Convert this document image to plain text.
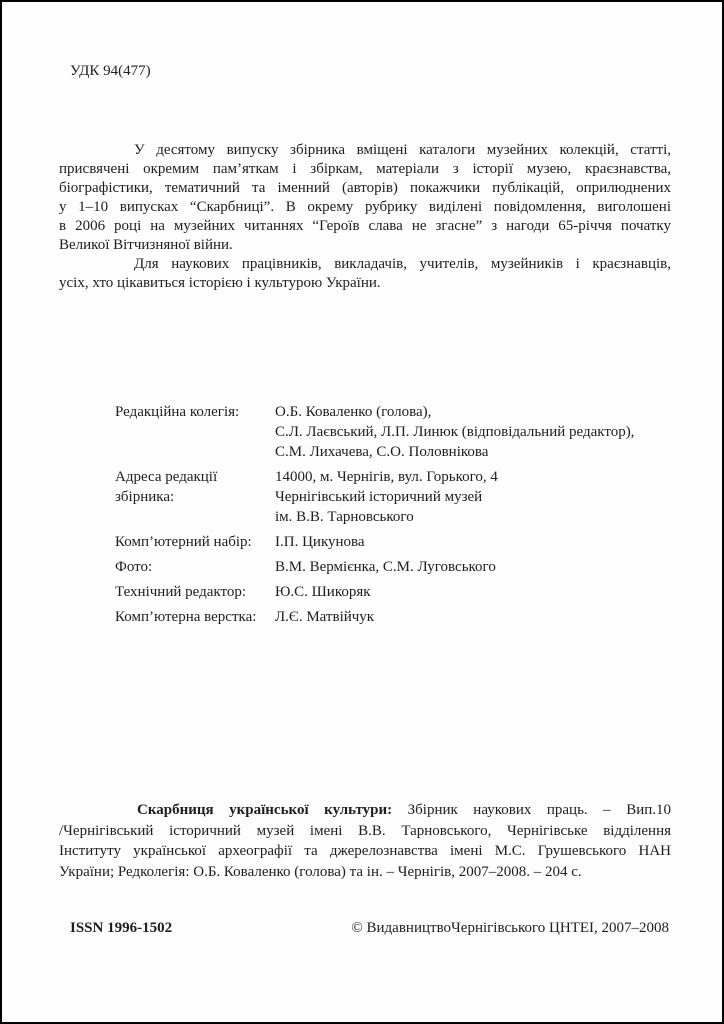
УДК 94(477)
У десятому випуску збірника вміщені каталоги музейних колекцій, статті,
присвячені окремим пам’яткам і збіркам, матеріали з історії музею, краєзнавства,
біографістики, тематичний та іменний (авторів) покажчики публікацій, оприлюднених
у 1–10 випусках “Скарбниці”. В окрему рубрику виділені повідомлення, виголошені
в 2006 році на музейних читаннях “Героїв слава не згасне” з нагоди 65-річчя початку
Великої Вітчизняної війни.
Для наукових працівників, викладачів, учителів, музейників і краєзнавців,
усіх, хто цікавиться історією і культурою України.
Редакційна колегія:	О.Б. Коваленко (голова),
С.Л. Лаєвський, Л.П. Линюк (відповідальний редактор),
С.М. Лихачева, С.О. Половнікова
Адреса редакції збірника:
14000, м. Чернігів, вул. Горького, 4
Чернігівський історичний музей
ім. В.В. Тарновського
Комп’ютерний набір:	І.П. Цикунова
Фото:	В.М. Вермієнка, С.М. Луговського
Технічний редактор:	Ю.С. Шикоряк
Комп’ютерна верстка:	Л.Є. Матвійчук
Скарбниця української культури: Збірник наукових праць. – Вип.10
/Чернігівський історичний музей імені В.В. Тарновського, Чернігівське відділення
Інституту української археографії та джерелознавства імені М.С. Грушевського НАН
України; Редколегія: О.Б. Коваленко (голова) та ін. – Чернігів, 2007–2008. – 204 с.
ISSN 1996-1502	© ВидавництвоЧернігівського ЦНТЕІ, 2007–2008
